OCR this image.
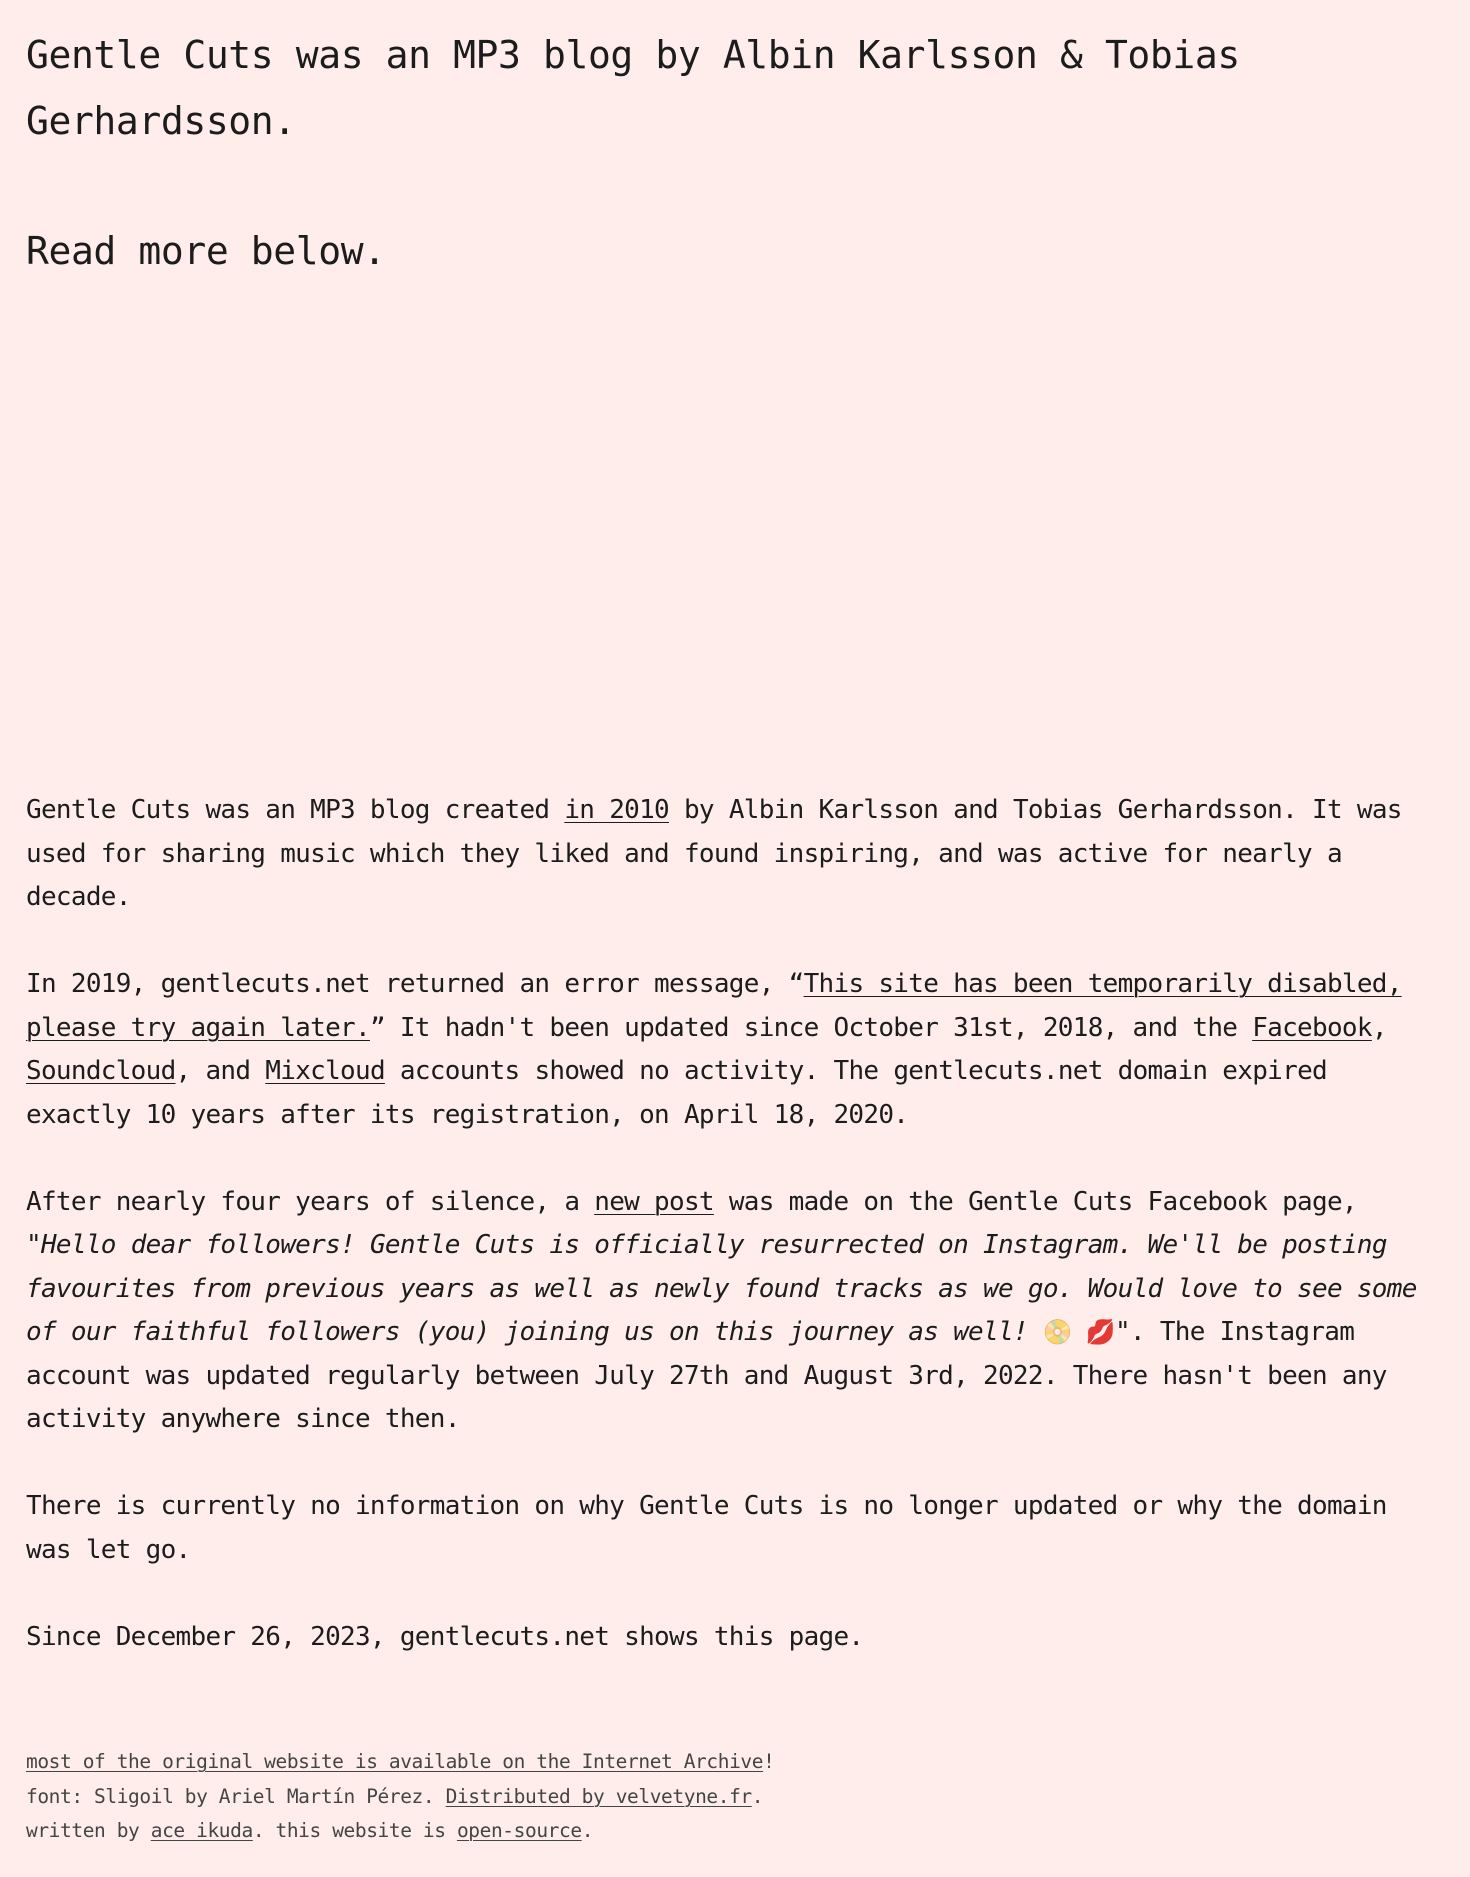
Gentle Cuts was an MP3 blog by Albin Karlsson & Tobias Gerhardsson.
Read more below.

Gentle Cuts was an MP3 blog created in 2010 by Albin Karlsson and Tobias Gerhardsson. It was used for sharing music which they liked and found inspiring, and was active for nearly a decade.

In 2019, gentlecuts.net returned an error message, “This site has been temporarily disabled, please try again later.” It hadn't been updated since October 31st, 2018, and the Facebook, Soundcloud, and Mixcloud accounts showed no activity. The gentlecuts.net domain expired exactly 10 years after its registration, on April 18, 2020.

After nearly four years of silence, a new post was made on the Gentle Cuts Facebook page, "Hello dear followers! Gentle Cuts is officially resurrected on Instagram. We'll be posting favourites from previous years as well as newly found tracks as we go. Would love to see some of our faithful followers (you) joining us on this journey as well! 📀 💋". The Instagram account was updated regularly between July 27th and August 3rd, 2022. There hasn't been any activity anywhere since then.

There is currently no information on why Gentle Cuts is no longer updated or why the domain was let go.

Since December 26, 2023, gentlecuts.net shows this page.

most of the original website is available on the Internet Archive!

font: Sligoil by Ariel Martín Pérez. Distributed by velvetyne.fr.

written by ace ikuda. this website is open-source.
